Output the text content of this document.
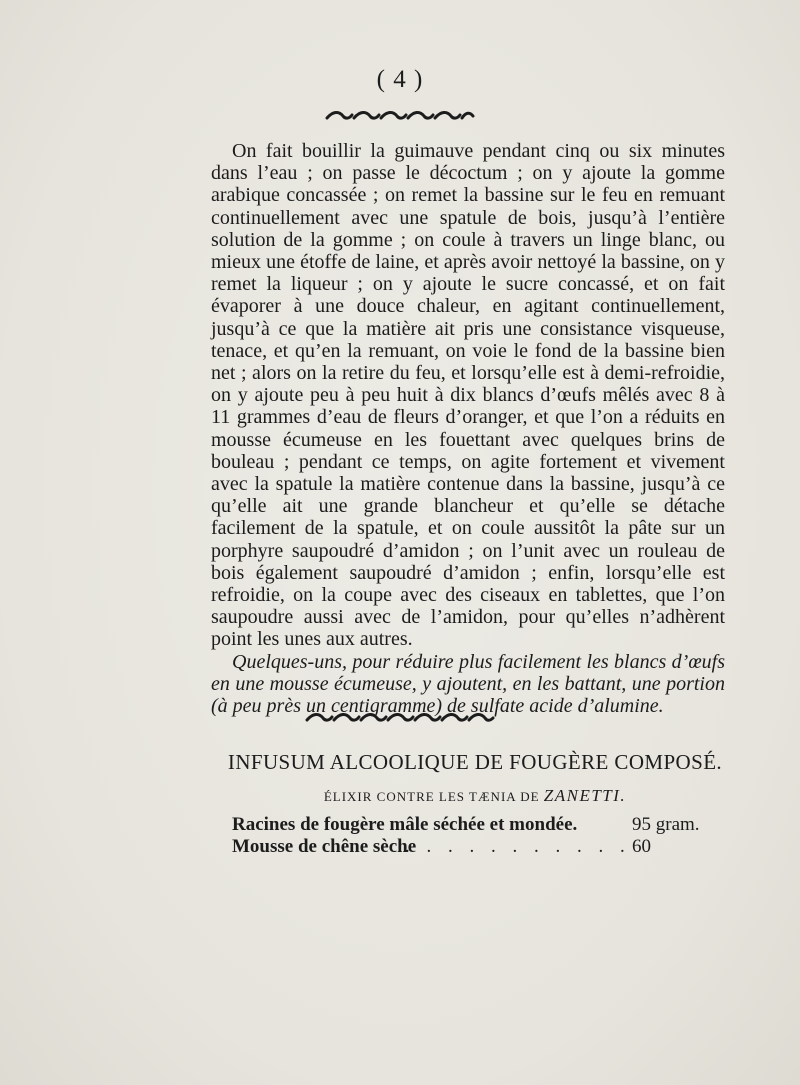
( 4 )

On fait bouillir la guimauve pendant cinq ou six minutes dans l’eau ; on passe le décoctum ; on y ajoute la gomme arabique concassée ; on remet la bassine sur le feu en remuant continuellement avec une spatule de bois, jusqu’à l’entière solution de la gomme ; on coule à travers un linge blanc, ou mieux une étoffe de laine, et après avoir nettoyé la bassine, on y remet la liqueur ; on y ajoute le sucre concassé, et on fait évaporer à une douce chaleur, en agitant continuellement, jusqu’à ce que la matière ait pris une consistance visqueuse, tenace, et qu’en la remuant, on voie le fond de la bassine bien net ; alors on la retire du feu, et lorsqu’elle est à demi-refroidie, on y ajoute peu à peu huit à dix blancs d’œufs mêlés avec 8 à 11 grammes d’eau de fleurs d’oranger, et que l’on a réduits en mousse écumeuse en les fouettant avec quelques brins de bouleau ; pendant ce temps, on agite fortement et vivement avec la spatule la matière contenue dans la bassine, jusqu’à ce qu’elle ait une grande blancheur et qu’elle se détache facilement de la spatule, et on coule aussitôt la pâte sur un porphyre saupoudré d’amidon ; on l’unit avec un rouleau de bois également saupoudré d’amidon ; enfin, lorsqu’elle est refroidie, on la coupe avec des ciseaux en tablettes, que l’on saupoudre aussi avec de l’amidon, pour qu’elles n’adhèrent point les unes aux autres.

Quelques-uns, pour réduire plus facilement les blancs d’œufs en une mousse écumeuse, y ajoutent, en les battant, une portion (à peu près un centigramme) de sulfate acide d’alumine.

INFUSUM ALCOOLIQUE DE FOUGÈRE COMPOSÉ.
ÉLIXIR CONTRE LES TÆNIA DE ZANETTI.
Racines de fougère mâle séchée et mondée.	95 gram.
Mousse de chêne sèche
. . . . . . . . . . . 60
